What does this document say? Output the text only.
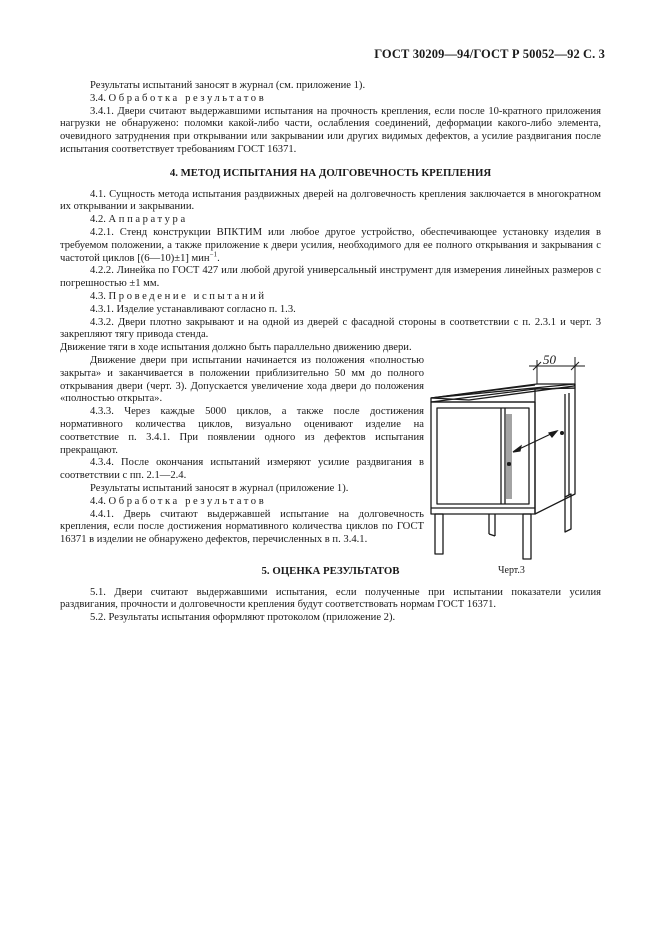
ГОСТ 30209—94/ГОСТ Р 50052—92 С. 3

Результаты испытаний заносят в журнал (см. приложение 1).

3.4. Обработка результатов

3.4.1. Двери считают выдержавшими испытания на прочность крепления, если после 10-кратного приложения нагрузки не обнаружено: поломки какой-либо части, ослабления соединений, деформации какого-либо элемента, очевидного затруднения при открывании или закрывании или других видимых дефектов, а усилие раздвигания после испытания соответствует требованиям ГОСТ 16371.

4. МЕТОД ИСПЫТАНИЯ НА ДОЛГОВЕЧНОСТЬ КРЕПЛЕНИЯ

4.1. Сущность метода испытания раздвижных дверей на долговечность крепления заключается в многократном их открывании и закрывании.

4.2. Аппаратура

4.2.1. Стенд конструкции ВПКТИМ или любое другое устройство, обеспечивающее установку изделия в требуемом положении, а также приложение к двери усилия, необходимого для ее полного открывания и закрывания с частотой циклов [(6—10)±1] мин$^{-1}$.

4.2.2. Линейка по ГОСТ 427 или любой другой универсальный инструмент для измерения линейных размеров с погрешностью ±1 мм.

4.3. Проведение испытаний

4.3.1. Изделие устанавливают согласно п. 1.3.

4.3.2. Двери плотно закрывают и на одной из дверей с фасадной стороны в соответствии с п. 2.3.1 и черт. 3 закрепляют тягу привода стенда.

Движение тяги в ходе испытания должно быть параллельно движению двери.

Движение двери при испытании начинается из положения «полностью закрыта» и заканчивается в положении приблизительно 50 мм до полного открывания двери (черт. 3). Допускается увеличение хода двери до положения «полностью открыта».

4.3.3. Через каждые 5000 циклов, а также после достижения нормативного количества циклов, визуально оценивают изделие на соответствие п. 3.4.1. При появлении одного из дефектов испытания прекращают.

4.3.4. После окончания испытаний измеряют усилие раздвигания в соответствии с пп. 2.1—2.4.

Результаты испытаний заносят в журнал (приложение 1).

4.4. Обработка результатов

4.4.1. Дверь считают выдержавшей испытание на долговечность крепления, если после достижения нормативного количества циклов по ГОСТ 16371 в изделии не обнаружено дефектов, перечисленных в п. 3.4.1.

5. ОЦЕНКА РЕЗУЛЬТАТОВ

5.1. Двери считают выдержавшими испытания, если полученные при испытании показатели усилия раздвигания, прочности и долговечности крепления будут соответствовать нормам ГОСТ 16371.

5.2. Результаты испытания оформляют протоколом (приложение 2).

50
Черт.3
